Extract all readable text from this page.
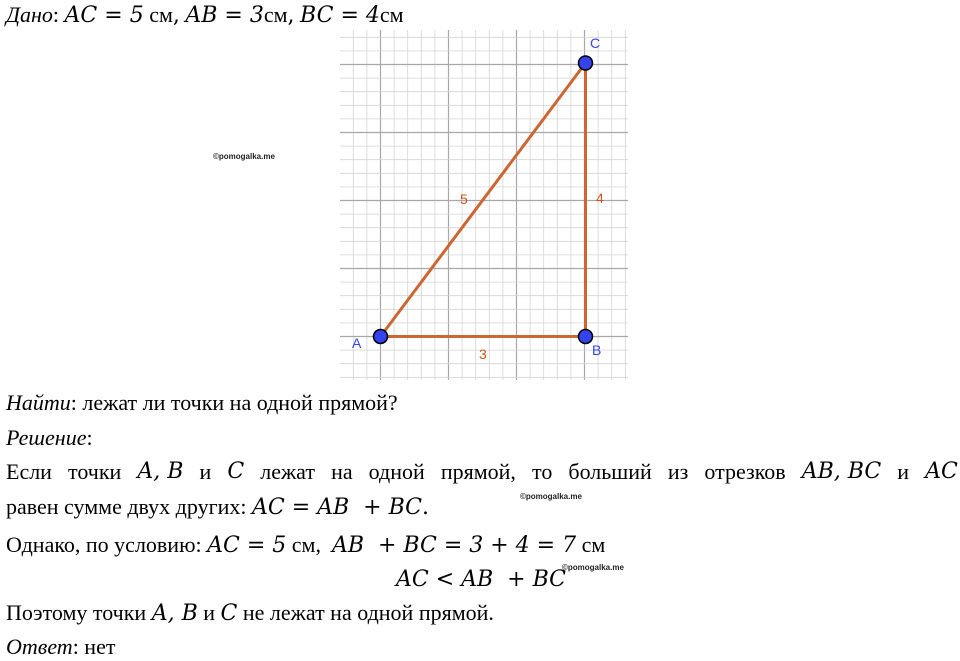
Дано: AC = 5 см, AB = 3см, BC = 4см
3
4
5
A	B
C
©pomogalka.me
©pomogalka.me
©pomogalka.me
Найти: лежат ли точки на одной прямой?
Решение:
Если точки A, B и C лежат на одной прямой, то больший из отрезков AB, BC и AC
равен сумме двух других: AC = AB  + BC.
Однако, по условию: AC = 5 см, AB  + BC = 3 + 4 = 7 см
AC < AB  + BC
Поэтому точки A, B и C не лежат на одной прямой.
Ответ: нет
